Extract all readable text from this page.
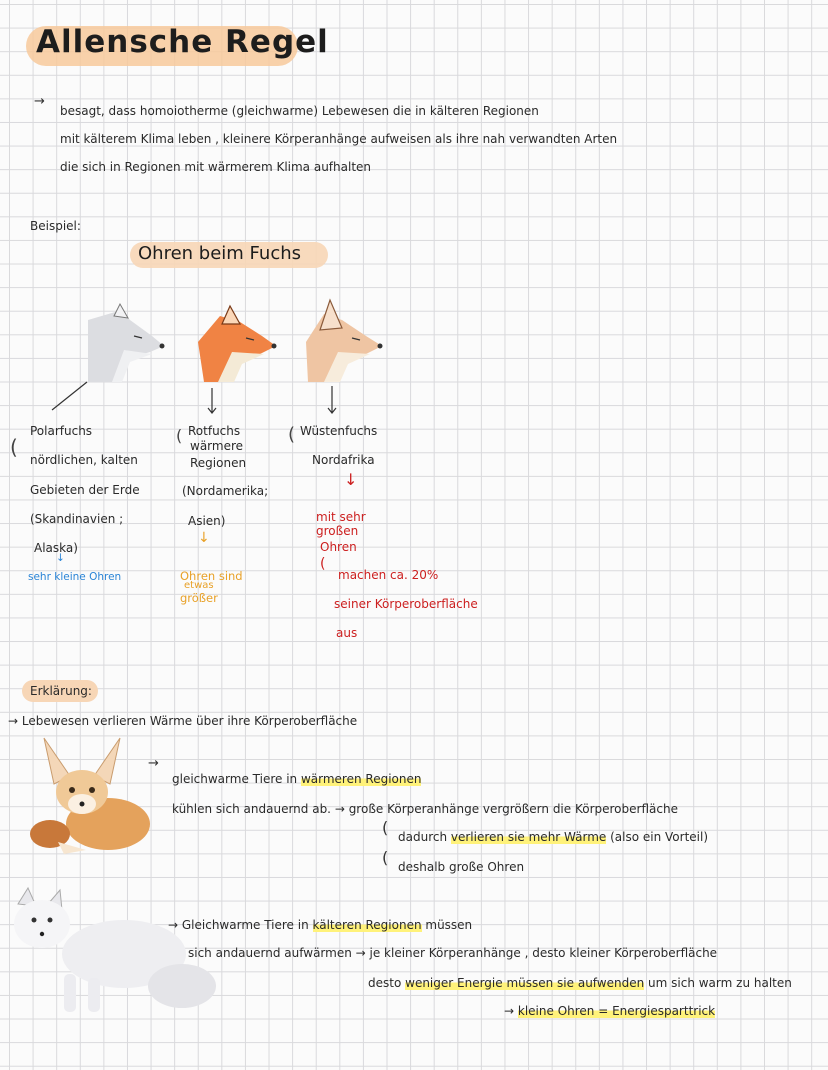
Allensche Regel
→
besagt, dass homoiotherme (gleichwarme) Lebewesen die in kälteren Regionen
mit kälterem Klima leben , kleinere Körperanhänge aufweisen als ihre nah verwandten Arten
die sich in Regionen mit wärmerem Klima aufhalten
Beispiel:
Ohren beim Fuchs
(
Polarfuchs
nördlichen, kalten
Gebieten der Erde
(Skandinavien ;
Alaska)
↓
sehr kleine Ohren
( Rotfuchs
wärmere
Regionen
(Nordamerika;
Asien)
↓
Ohren sind
etwas
größer
( Wüstenfuchs
Nordafrika
↓
mit sehr
großen
Ohren
(
machen ca. 20%
seiner Körperoberfläche
aus
Erklärung:
→ Lebewesen verlieren Wärme über ihre Körperoberfläche
→
gleichwarme Tiere in wärmeren Regionen
kühlen sich andauernd ab. → große Körperanhänge vergrößern die Körperoberfläche
( dadurch verlieren sie mehr Wärme (also ein Vorteil)
( deshalb große Ohren
→ Gleichwarme Tiere in kälteren Regionen müssen
sich andauernd aufwärmen → je kleiner Körperanhänge , desto kleiner Körperoberfläche
desto weniger Energie müssen sie aufwenden um sich warm zu halten
→ kleine Ohren = Energiesparttrick
